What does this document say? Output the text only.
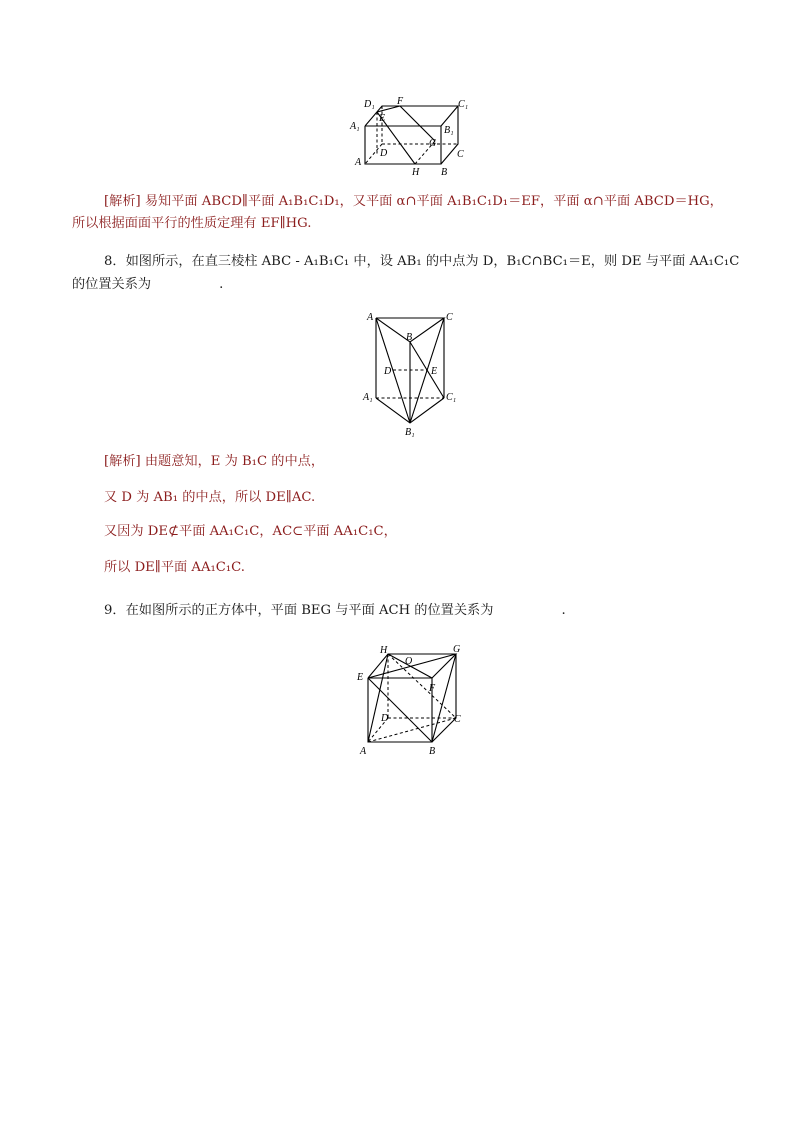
D₁ F	C₁
A₁
E
B₁
G
D	C
A
H B
[解析] 易知平面 ABCD∥平面 A₁B₁C₁D₁，又平面 α∩平面 A₁B₁C₁D₁＝EF，平面 α∩平面 ABCD＝HG，
所以根据面面平行的性质定理有 EF∥HG.
8．如图所示，在直三棱柱 ABC - A₁B₁C₁ 中，设 AB₁ 的中点为 D，B₁C∩BC₁＝E，则 DE 与平面 AA₁C₁C
的位置关系为	.
A	C
B
D	E
A₁	C₁
B₁
[解析] 由题意知，E 为 B₁C 的中点，
又 D 为 AB₁ 的中点，所以 DE∥AC.
又因为 DE⊄平面 AA₁C₁C，AC⊂平面 AA₁C₁C，
所以 DE∥平面 AA₁C₁C.
9．在如图所示的正方体中，平面 BEG 与平面 ACH 的位置关系为	.
H
O
G
E
F
D	C
A	B
